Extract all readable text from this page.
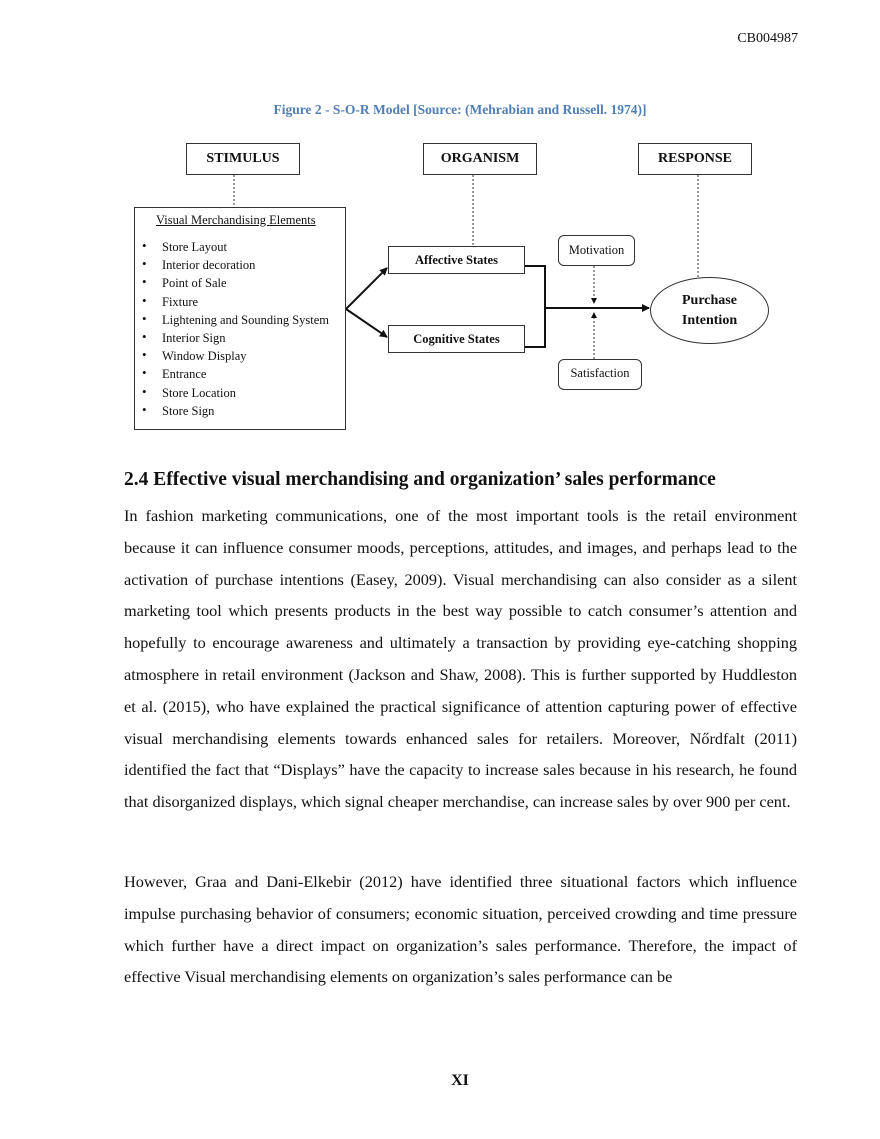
CB004987
Figure 2 - S-O-R Model [Source: (Mehrabian and Russell. 1974)]
STIMULUS	ORGANISM	RESPONSE
Visual Merchandising Elements
• Store Layout
• Interior decoration
• Point of Sale
• Fixture
• Lightening and Sounding System
• Interior Sign
• Window Display
• Entrance
• Store Location
• Store Sign
Affective States
Cognitive States
Motivation
Satisfaction
Purchase
Intention
2.4 Effective visual merchandising and organization’ sales performance

In fashion marketing communications, one of the most important tools is the retail environment because it can influence consumer moods, perceptions, attitudes, and images, and perhaps lead to the activation of purchase intentions (Easey, 2009). Visual merchandising can also consider as a silent marketing tool which presents products in the best way possible to catch consumer’s attention and hopefully to encourage awareness and ultimately a transaction by providing eye-catching shopping atmosphere in retail environment (Jackson and Shaw, 2008). This is further supported by Huddleston et al. (2015), who have explained the practical significance of attention capturing power of effective visual merchandising elements towards enhanced sales for retailers. Moreover, Nőrdfalt (2011) identified the fact that “Displays” have the capacity to increase sales because in his research, he found that disorganized displays, which signal cheaper merchandise, can increase sales by over 900 per cent.

However, Graa and Dani-Elkebir (2012) have identified three situational factors which influence impulse purchasing behavior of consumers; economic situation, perceived crowding and time pressure which further have a direct impact on organization’s sales performance. Therefore, the impact of effective Visual merchandising elements on organization’s sales performance can be

XI
